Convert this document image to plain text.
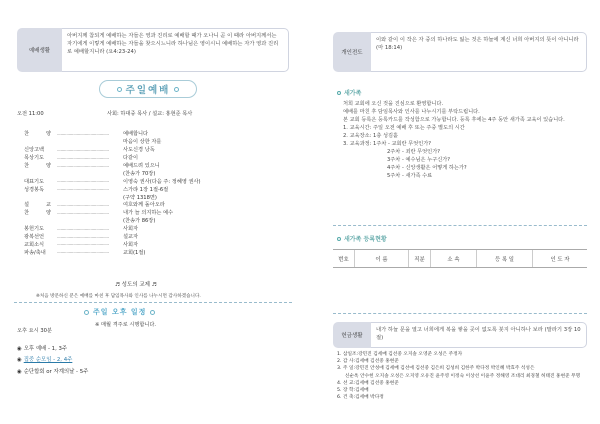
예배생활
아버지께 참되게 예배하는 자들은 영과 진리로 예배할 때가 오나니 곧 이 때라 아버지께서는 자기에게 이렇게 예배하는 자들을 찾으시느니라 하나님은 영이시니 예배하는 자가 영과 진리로 예배할지니라 (요4:23-24)
주일예배
오전 11:00	사회: 하대중 목사 / 설교: 홍현준 목사
찬 양	.............................................	예배합니다
마음이 상한 자를
신앙고백	.............................................	사도신경 낭독
목상기도	.............................................	다같이
찬 양	.............................................	예배드려 있으니
(찬송가 70장)
대표기도	.............................................	이영숙 권사(다음 주: 정혜영 권사)
성경봉독	.............................................	스가랴 1장 1절-6절
(구약 1318면)
설 교	.............................................	여호와께 돌아오라
찬 양	.............................................	내가 늘 의지하는 예수
(찬송가 86장)
봉헌기도	.............................................	사회자
광복선언	.............................................	설교자
교회소식	.............................................	사회자
파송/축내	.............................................	교회(1절)
♬ 성도의 교제 ♬
※처음 방문하신 분은 예배를 마친 후 담임목사와 인사를 나누시면 감사하겠습니다.
주일 오후 일정
※ 매월 격주로 시행합니다.
오후 요시 30분
◉ 오후 예배 - 1, 3주
◉ 집중 순모임 - 2, 4주
◉ 순단합회 or 자계의날 - 5주
개인전도
이와 같이 이 작은 자 중의 하나라도 잃는 것은 하늘에 계신 너희 아버지의 뜻이 아니니라 (마 18:14)
새가족
처희 교회에 오신 것을 진심으로 환영합니다.
예배를 마친 후 담임목사와 인사를 나누시기를 부탁드립니다.
본 교회 등록은 등록카드를 작성함으로 가능합니다. 등록 후에는 4주 동안 새가족 교육이 있습니다.
1. 교육시간: 주일 오전 예배 후 또는 주중 별도의 시간
2. 교육장소: 1층 성김홀
3. 교육과정: 1주차 - 교회란 무엇인가?
2주차 - 죄란 무엇인가?
3주차 - 예수님은 누구신가?
4주차 - 신앙생활은 어떻게 하는가?
5주차 - 새가족 수료
새가족 등록현황
번호	이 름	직분	소 속	등 록 일	인 도 자
헌금생활
내가 하늘 문을 열고 너희에게 복을 쌓을 곳이 없도록 붓지 아니하나 보라 (말라기 3장 10절)
1. 삼일조:강민진 김세매 김선중 오지솔 오영준 오성은 주정자
2. 감 사:김세매 김선중 홍현준
3. 주 일:강민진 안성애 김세매 김선애 김선중 김은희 김성희 김한주 박다정 박인혜 박효주 석성은
신순옥 안수헌 오지솔 오성은 오지영 오유진 윤주영 이정숙 이상선 이윤주 정해영 조대리 최경철 허태진 홍현준 무명
4. 선 교:김세매 김선중 홍현준
5. 장 학:김세매
6. 건 축:김세매 박다정
